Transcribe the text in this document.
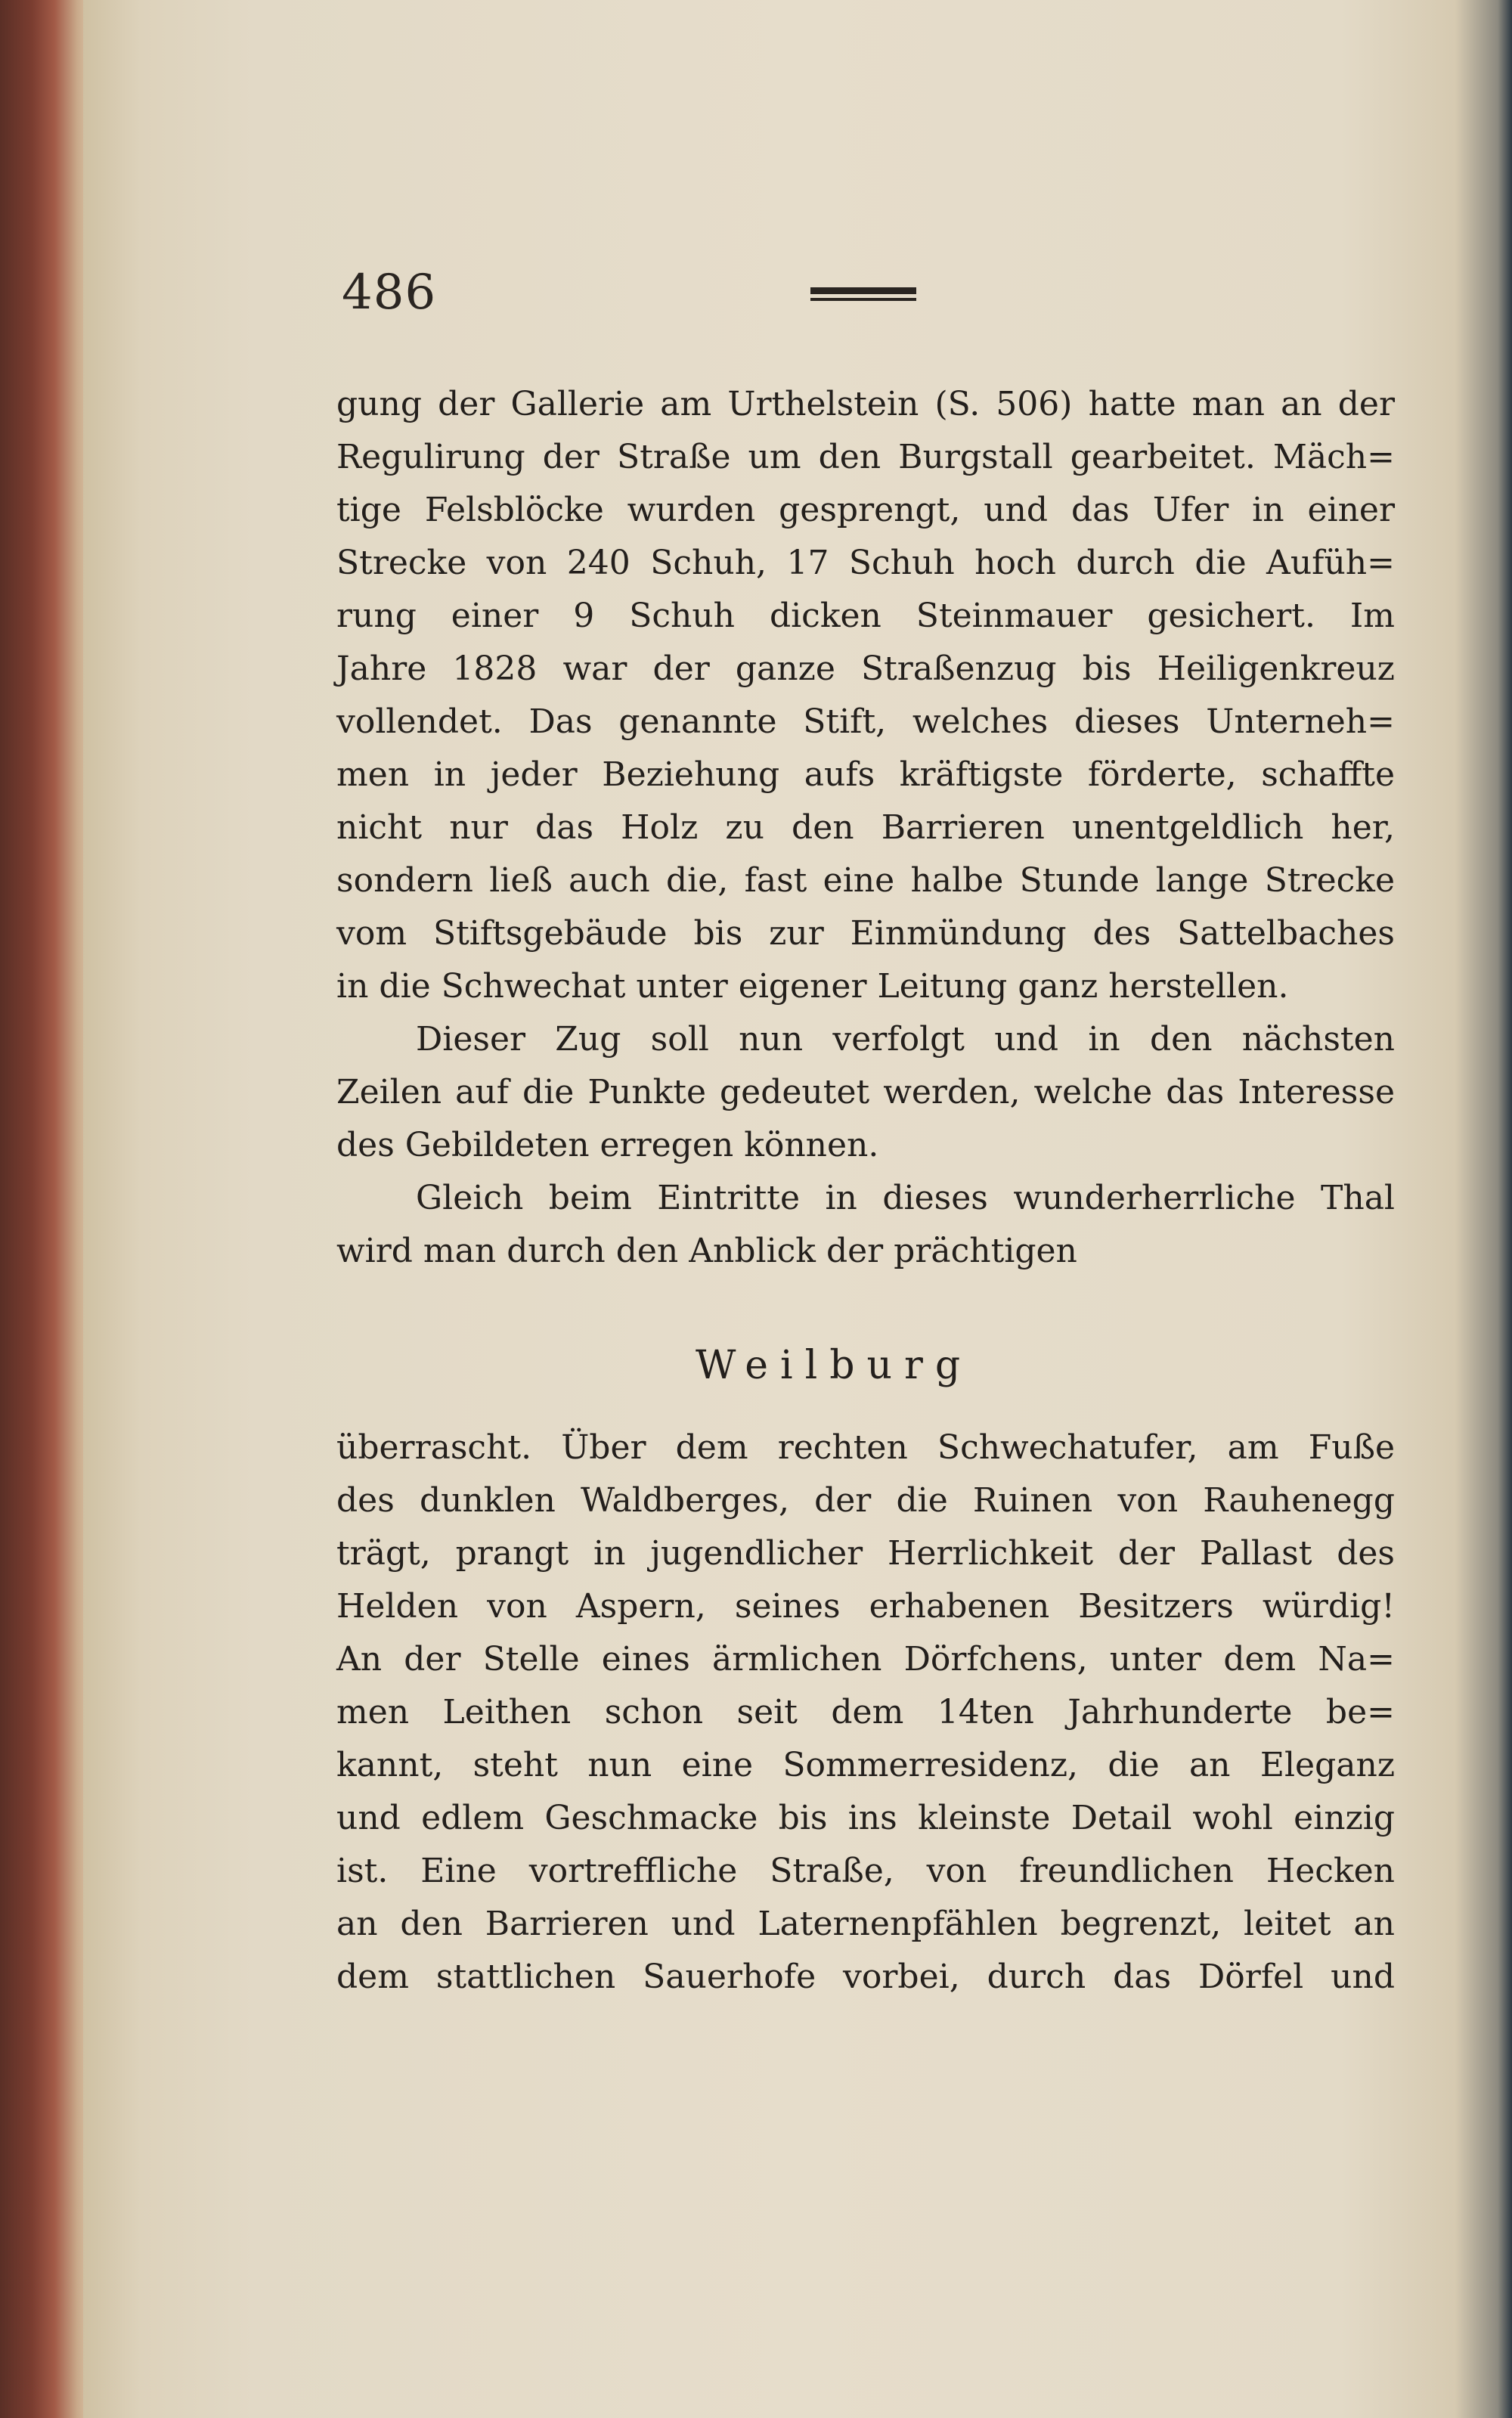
486
gung der Gallerie am Urthelstein (S. 506) hatte man an der
Regulirung der Straße um den Burgstall gearbeitet. Mäch=
tige Felsblöcke wurden gesprengt, und das Ufer in einer
Strecke von 240 Schuh, 17 Schuh hoch durch die Aufüh=
rung einer 9 Schuh dicken Steinmauer gesichert. Im
Jahre 1828 war der ganze Straßenzug bis Heiligenkreuz
vollendet. Das genannte Stift, welches dieses Unterneh=
men in jeder Beziehung aufs kräftigste förderte, schaffte
nicht nur das Holz zu den Barrieren unentgeldlich her,
sondern ließ auch die, fast eine halbe Stunde lange Strecke
vom Stiftsgebäude bis zur Einmündung des Sattelbaches
in die Schwechat unter eigener Leitung ganz herstellen.
Dieser Zug soll nun verfolgt und in den nächsten
Zeilen auf die Punkte gedeutet werden, welche das Interesse
des Gebildeten erregen können.
Gleich beim Eintritte in dieses wunderherrliche Thal
wird man durch den Anblick der prächtigen
Weilburg
überrascht. Über dem rechten Schwechatufer, am Fuße
des dunklen Waldberges, der die Ruinen von Rauhenegg
trägt, prangt in jugendlicher Herrlichkeit der Pallast des
Helden von Aspern, seines erhabenen Besitzers würdig!
An der Stelle eines ärmlichen Dörfchens, unter dem Na=
men Leithen schon seit dem 14ten Jahrhunderte be=
kannt, steht nun eine Sommerresidenz, die an Eleganz
und edlem Geschmacke bis ins kleinste Detail wohl einzig
ist. Eine vortreffliche Straße, von freundlichen Hecken
an den Barrieren und Laternenpfählen begrenzt, leitet an
dem stattlichen Sauerhofe vorbei, durch das Dörfel und
